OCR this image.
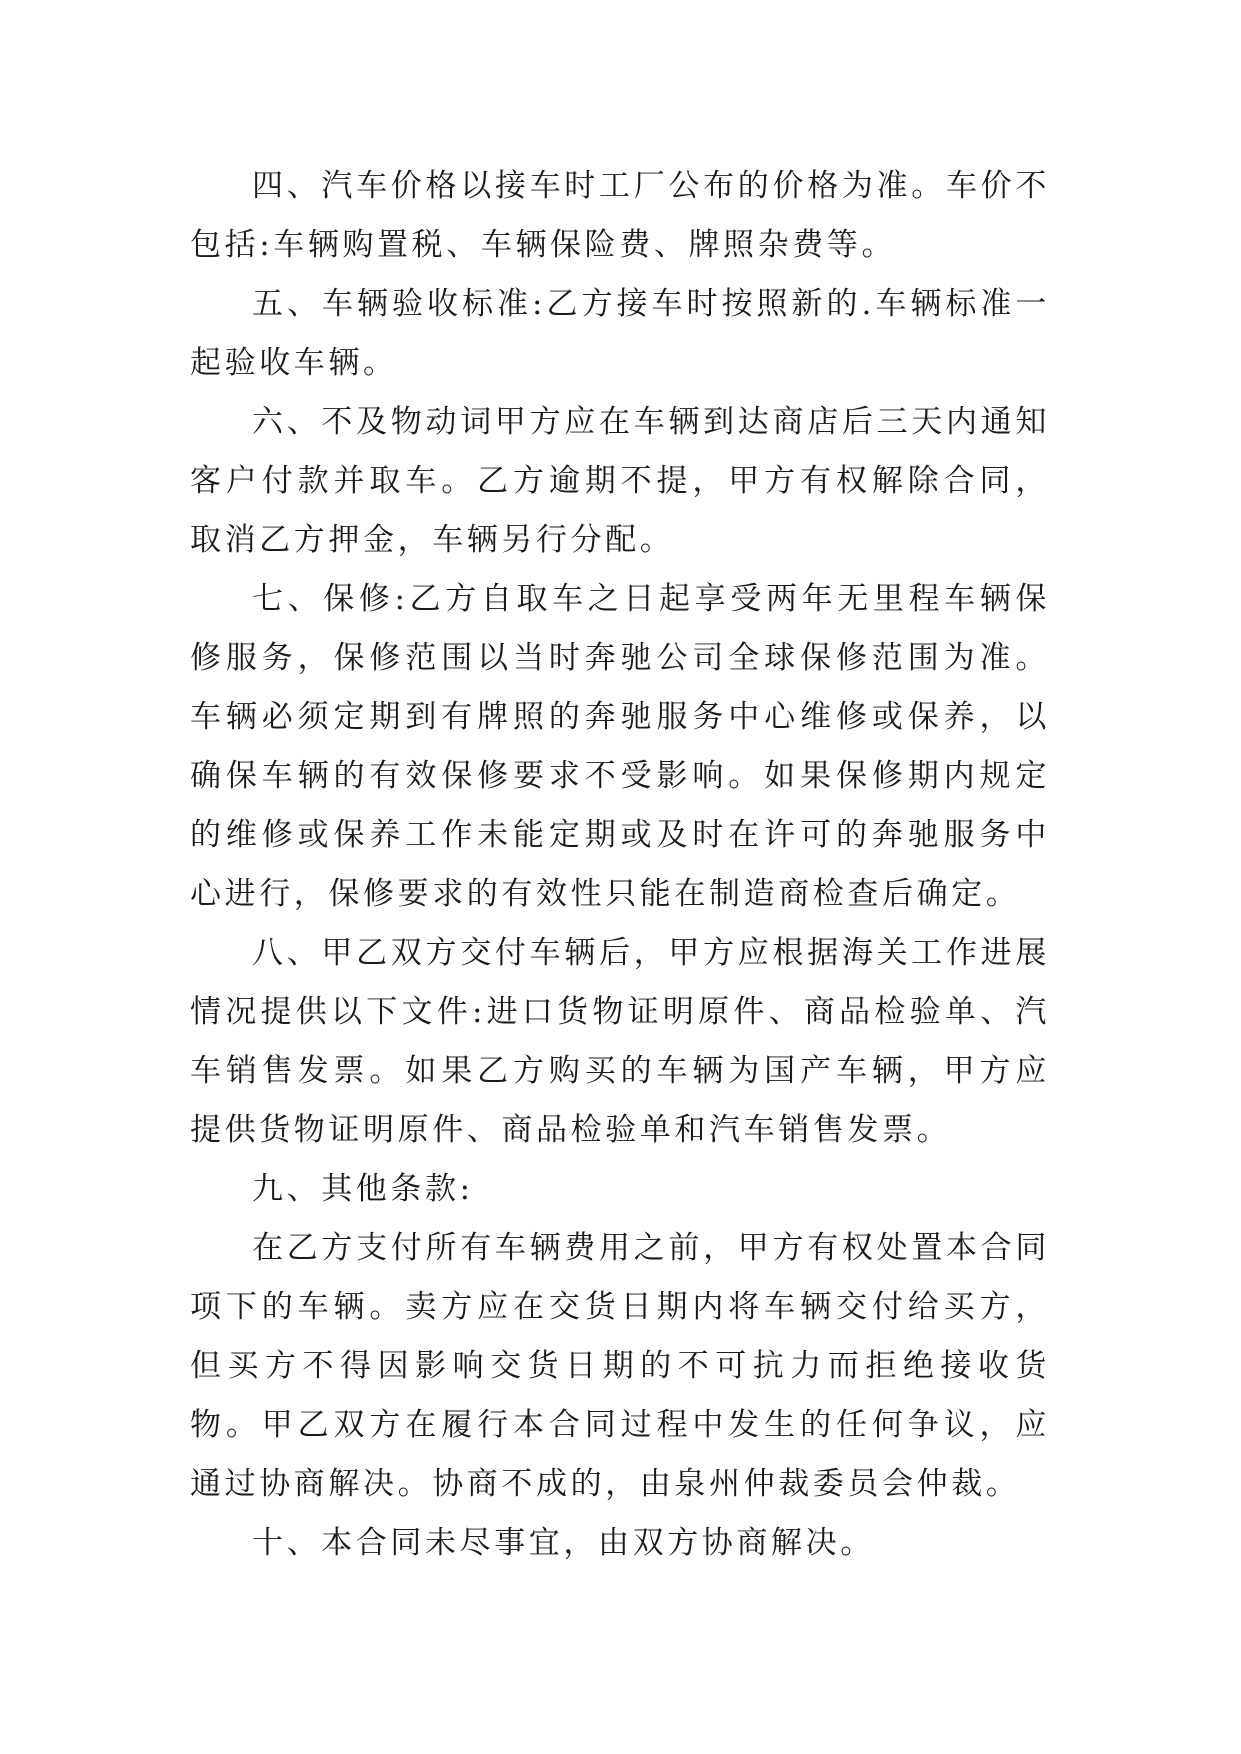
四、汽车价格以接车时工厂公布的价格为准。车价不包括:车辆购置税、车辆保险费、牌照杂费等。

五、车辆验收标准:乙方接车时按照新的.车辆标准一起验收车辆。

六、不及物动词甲方应在车辆到达商店后三天内通知客户付款并取车。乙方逾期不提，甲方有权解除合同，取消乙方押金，车辆另行分配。

七、保修:乙方自取车之日起享受两年无里程车辆保修服务，保修范围以当时奔驰公司全球保修范围为准。车辆必须定期到有牌照的奔驰服务中心维修或保养，以确保车辆的有效保修要求不受影响。如果保修期内规定的维修或保养工作未能定期或及时在许可的奔驰服务中心进行，保修要求的有效性只能在制造商检查后确定。

八、甲乙双方交付车辆后，甲方应根据海关工作进展情况提供以下文件:进口货物证明原件、商品检验单、汽车销售发票。如果乙方购买的车辆为国产车辆，甲方应提供货物证明原件、商品检验单和汽车销售发票。

九、其他条款:

在乙方支付所有车辆费用之前，甲方有权处置本合同项下的车辆。卖方应在交货日期内将车辆交付给买方，但买方不得因影响交货日期的不可抗力而拒绝接收货物。甲乙双方在履行本合同过程中发生的任何争议，应通过协商解决。协商不成的，由泉州仲裁委员会仲裁。

十、本合同未尽事宜，由双方协商解决。
